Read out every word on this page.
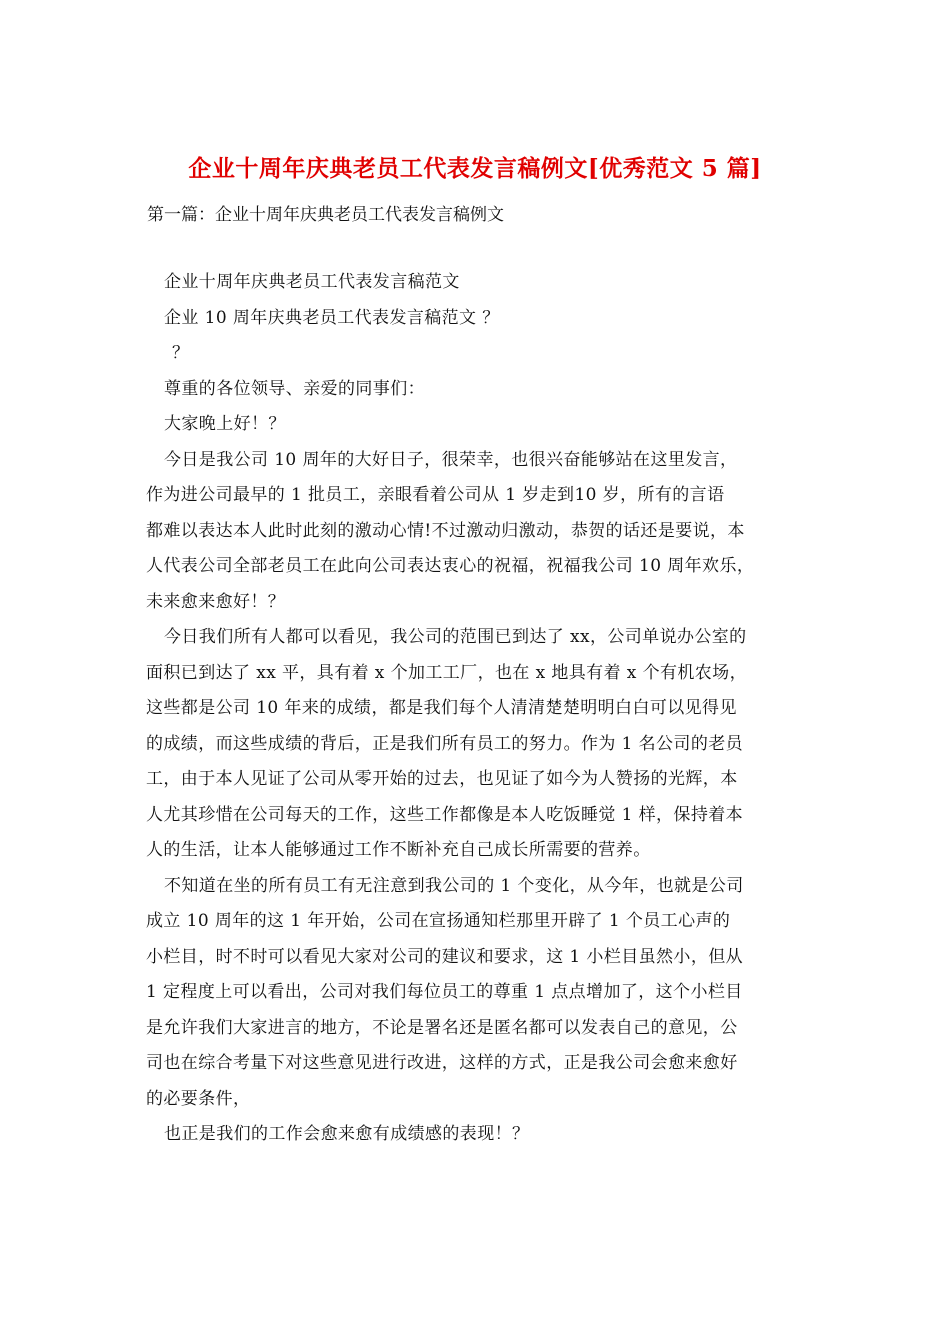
企业十周年庆典老员工代表发言稿例文[优秀范文 5 篇]
第一篇：企业十周年庆典老员工代表发言稿例文
企业十周年庆典老员工代表发言稿范文
企业 10 周年庆典老员工代表发言稿范文 ？
？
尊重的各位领导、亲爱的同事们：
大家晚上好！？
今日是我公司 10 周年的大好日子，很荣幸，也很兴奋能够站在这里发言，
作为进公司最早的 1 批员工，亲眼看着公司从 1 岁走到10 岁，所有的言语
都难以表达本人此时此刻的激动心情!不过激动归激动，恭贺的话还是要说，本
人代表公司全部老员工在此向公司表达衷心的祝福，祝福我公司 10 周年欢乐，
未来愈来愈好！？
今日我们所有人都可以看见，我公司的范围已到达了 xx，公司单说办公室的
面积已到达了 xx 平，具有着 x 个加工工厂，也在 x 地具有着 x 个有机农场，
这些都是公司 10 年来的成绩，都是我们每个人清清楚楚明明白白可以见得见
的成绩，而这些成绩的背后，正是我们所有员工的努力。作为 1 名公司的老员
工，由于本人见证了公司从零开始的过去，也见证了如今为人赞扬的光辉，本
人尤其珍惜在公司每天的工作，这些工作都像是本人吃饭睡觉 1 样，保持着本
人的生活，让本人能够通过工作不断补充自己成长所需要的营养。
不知道在坐的所有员工有无注意到我公司的 1 个变化，从今年，也就是公司
成立 10 周年的这 1 年开始，公司在宣扬通知栏那里开辟了 1 个员工心声的
小栏目，时不时可以看见大家对公司的建议和要求，这 1 小栏目虽然小，但从
1 定程度上可以看出，公司对我们每位员工的尊重 1 点点增加了，这个小栏目
是允许我们大家进言的地方，不论是署名还是匿名都可以发表自己的意见，公
司也在综合考量下对这些意见进行改进，这样的方式，正是我公司会愈来愈好
的必要条件，
也正是我们的工作会愈来愈有成绩感的表现！？
